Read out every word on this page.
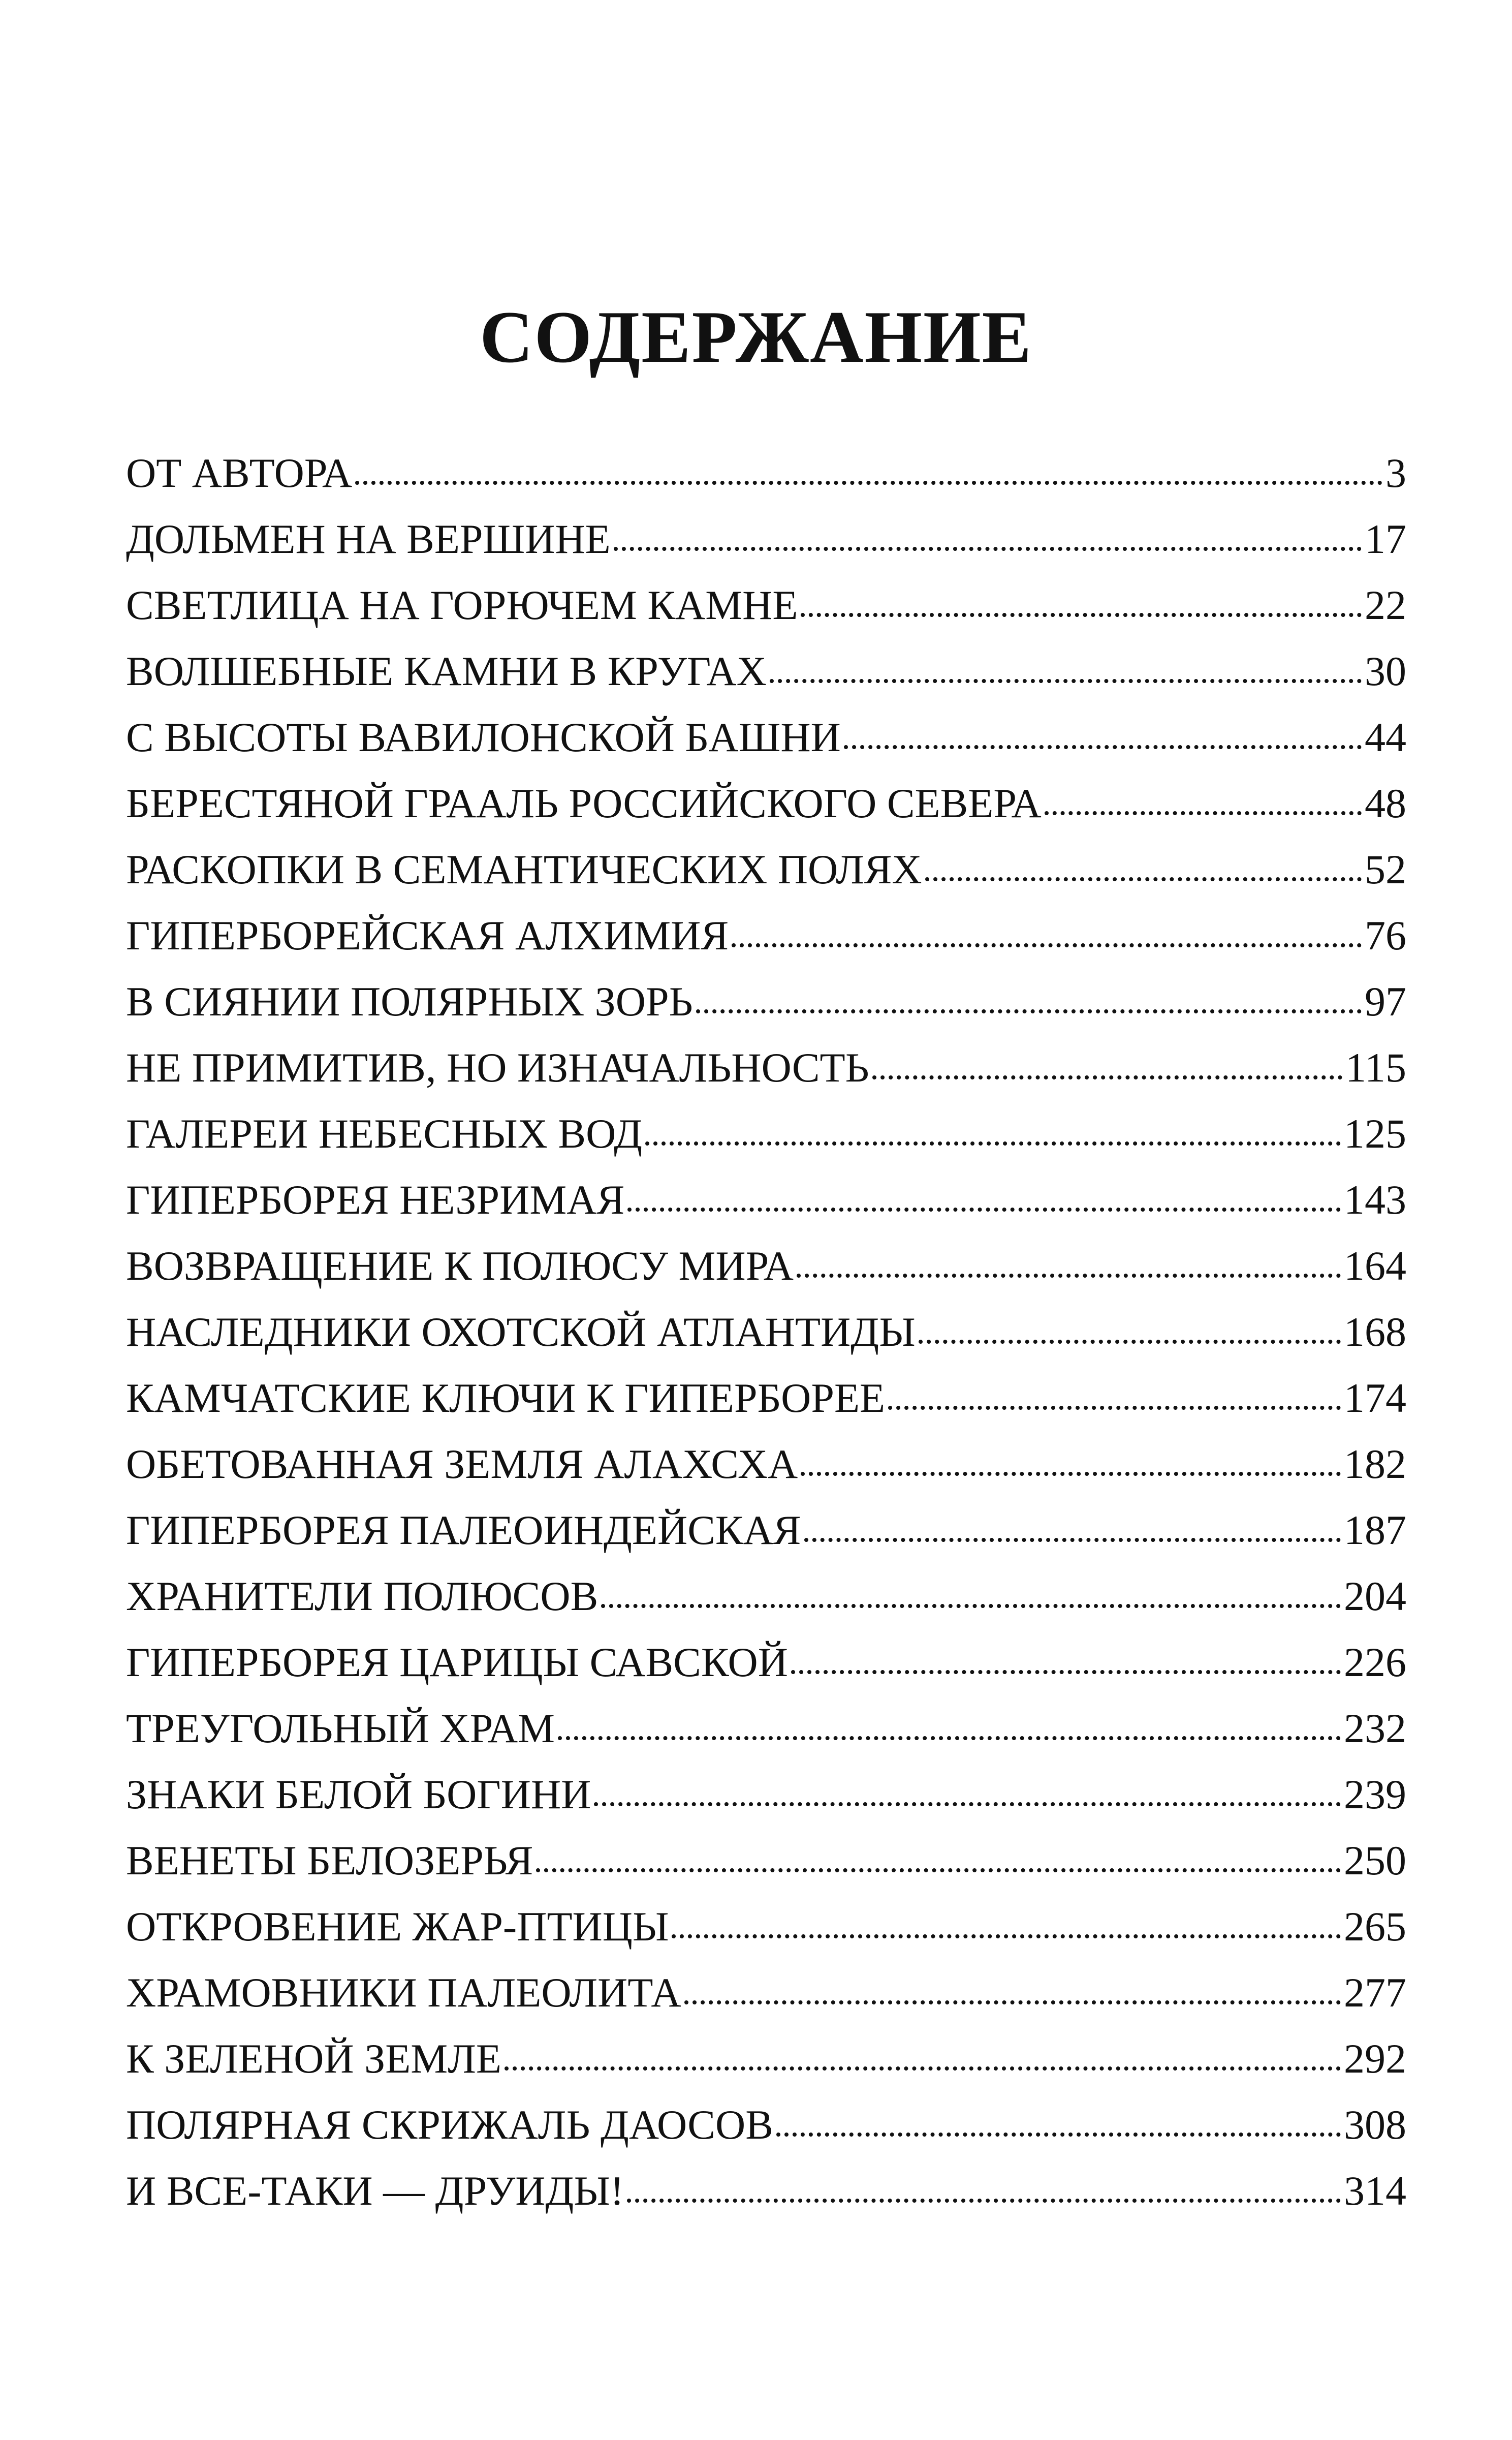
СОДЕРЖАНИЕ
ОТ АВТОРА	3
ДОЛЬМЕН НА ВЕРШИНЕ	17
СВЕТЛИЦА НА ГОРЮЧЕМ КАМНЕ	22
ВОЛШЕБНЫЕ КАМНИ В КРУГАХ	30
С ВЫСОТЫ ВАВИЛОНСКОЙ БАШНИ	44
БЕРЕСТЯНОЙ ГРААЛЬ РОССИЙСКОГО СЕВЕРА	48
РАСКОПКИ В СЕМАНТИЧЕСКИХ ПОЛЯХ	52
ГИПЕРБОРЕЙСКАЯ АЛХИМИЯ	76
В СИЯНИИ ПОЛЯРНЫХ ЗОРЬ	97
НЕ ПРИМИТИВ, НО ИЗНАЧАЛЬНОСТЬ	115
ГАЛЕРЕИ НЕБЕСНЫХ ВОД	125
ГИПЕРБОРЕЯ НЕЗРИМАЯ	143
ВОЗВРАЩЕНИЕ К ПОЛЮСУ МИРА	164
НАСЛЕДНИКИ ОХОТСКОЙ АТЛАНТИДЫ	168
КАМЧАТСКИЕ КЛЮЧИ К ГИПЕРБОРЕЕ	174
ОБЕТОВАННАЯ ЗЕМЛЯ АЛАХСХА	182
ГИПЕРБОРЕЯ ПАЛЕОИНДЕЙСКАЯ	187
ХРАНИТЕЛИ ПОЛЮСОВ	204
ГИПЕРБОРЕЯ ЦАРИЦЫ САВСКОЙ	226
ТРЕУГОЛЬНЫЙ ХРАМ	232
ЗНАКИ БЕЛОЙ БОГИНИ	239
ВЕНЕТЫ БЕЛОЗЕРЬЯ	250
ОТКРОВЕНИЕ ЖАР-ПТИЦЫ	265
ХРАМОВНИКИ ПАЛЕОЛИТА	277
К ЗЕЛЕНОЙ ЗЕМЛЕ	292
ПОЛЯРНАЯ СКРИЖАЛЬ ДАОСОВ	308
И ВСЕ-ТАКИ — ДРУИДЫ!	314
